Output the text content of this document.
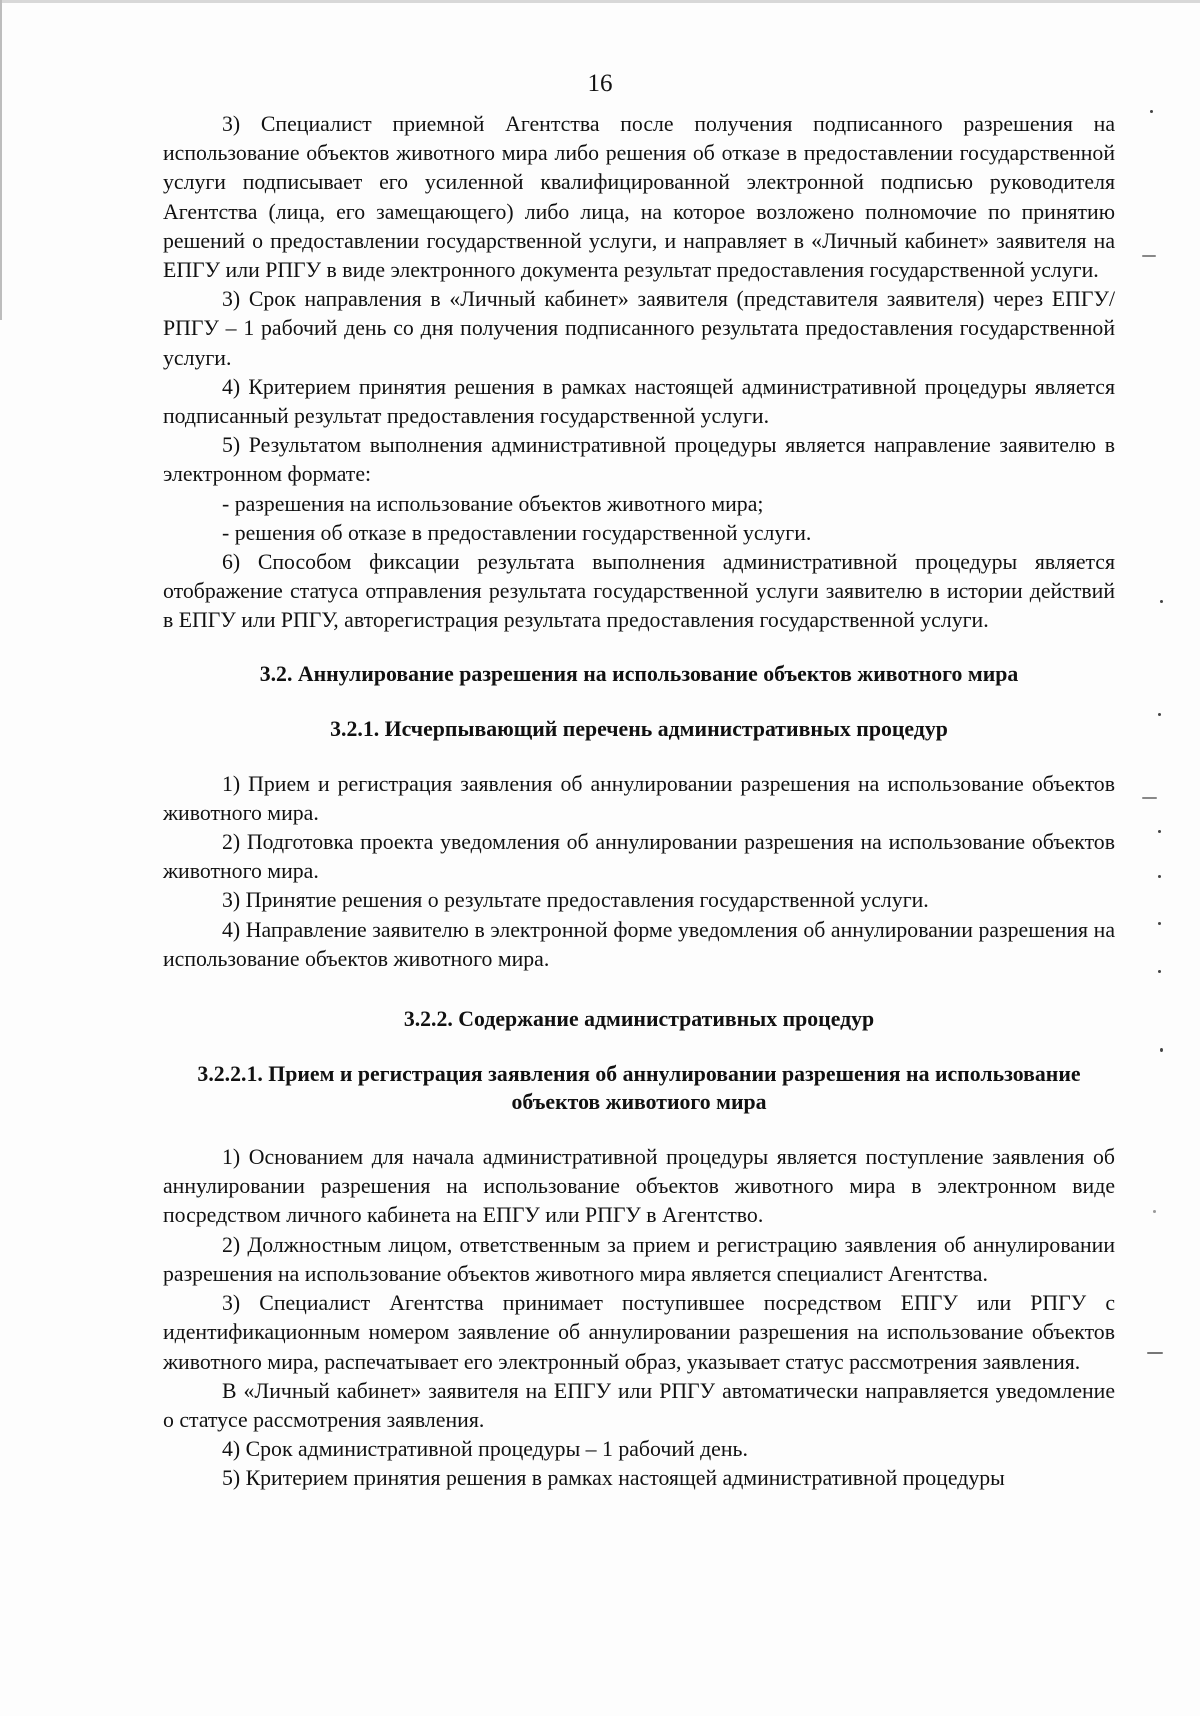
16

3) Специалист приемной Агентства после получения подписанного разрешения на использование объектов животного мира либо решения об отказе в предоставлении государственной услуги подписывает его усиленной квалифицированной электронной подписью руководителя Агентства (лица, его замещающего) либо лица, на которое возложено полномочие по принятию решений о предоставлении государственной услуги, и направляет в «Личный кабинет» заявителя на ЕПГУ или РПГУ в виде электронного документа результат предоставления государственной услуги.

3) Срок направления в «Личный кабинет» заявителя (представителя заявителя) через ЕПГУ/РПГУ – 1 рабочий день со дня получения подписанного результата предоставления государственной услуги.

4) Критерием принятия решения в рамках настоящей административной процедуры является подписанный результат предоставления государственной услуги.

5) Результатом выполнения административной процедуры является направление заявителю в электронном формате:

- разрешения на использование объектов животного мира;

- решения об отказе в предоставлении государственной услуги.

6) Способом фиксации результата выполнения административной процедуры является отображение статуса отправления результата государственной услуги заявителю в истории действий в ЕПГУ или РПГУ, авторегистрация результата предоставления государственной услуги.

3.2. Аннулирование разрешения на использование объектов животного мира
3.2.1. Исчерпывающий перечень административных процедур

1) Прием и регистрация заявления об аннулировании разрешения на использование объектов животного мира.

2) Подготовка проекта уведомления об аннулировании разрешения на использование объектов животного мира.

3) Принятие решения о результате предоставления государственной услуги.

4) Направление заявителю в электронной форме уведомления об аннулировании разрешения на использование объектов животного мира.

3.2.2. Содержание административных процедур
3.2.2.1. Прием и регистрация заявления об аннулировании разрешения на использование объектов животиого мира

1) Основанием для начала административной процедуры является поступление заявления об аннулировании разрешения на использование объектов животного мира в электронном виде посредством личного кабинета на ЕПГУ или РПГУ в Агентство.

2) Должностным лицом, ответственным за прием и регистрацию заявления об аннулировании разрешения на использование объектов животного мира является специалист Агентства.

3) Специалист Агентства принимает поступившее посредством ЕПГУ или РПГУ с идентификационным номером заявление об аннулировании разрешения на использование объектов животного мира, распечатывает его электронный образ, указывает статус рассмотрения заявления.

В «Личный кабинет» заявителя на ЕПГУ или РПГУ автоматически направляется уведомление о статусе рассмотрения заявления.

4) Срок административной процедуры – 1 рабочий день.

5) Критерием принятия решения в рамках настоящей административной процедуры
